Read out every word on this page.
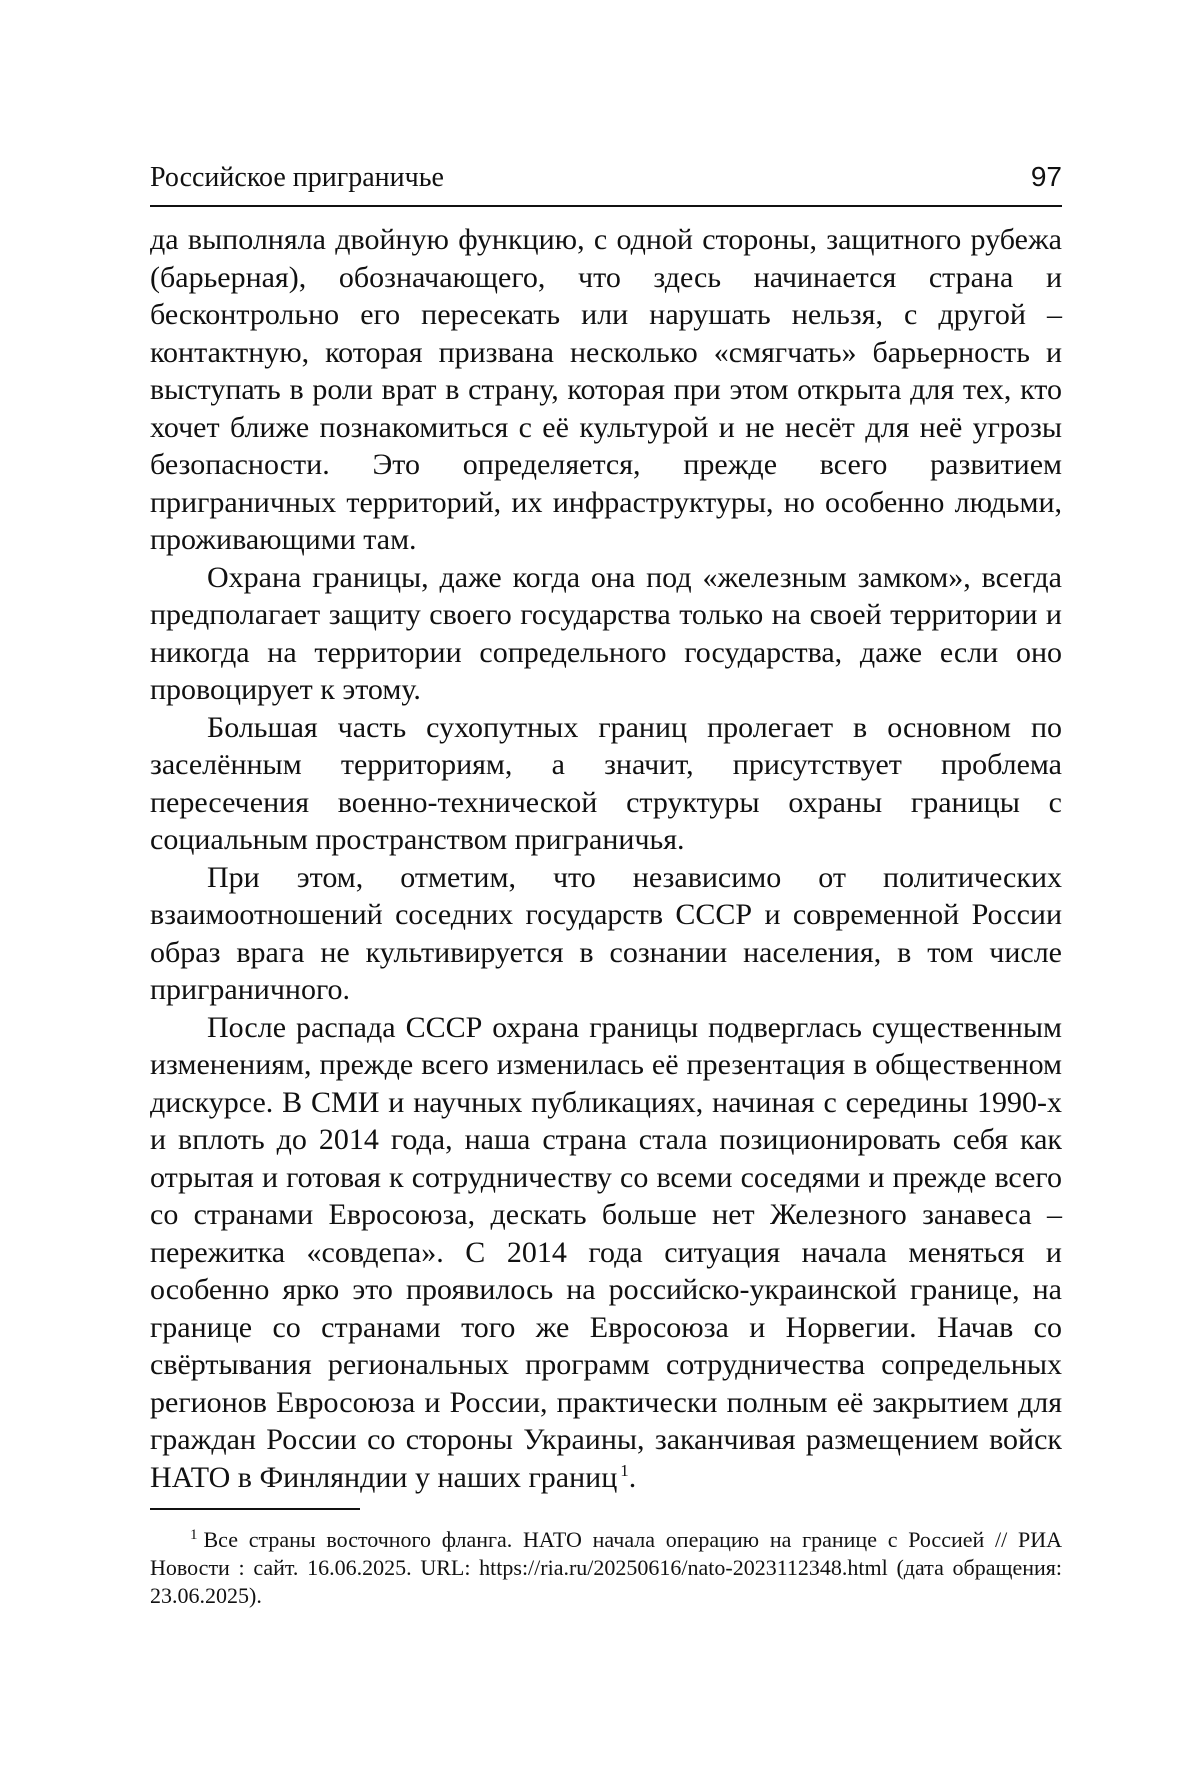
Российское приграничье	97

да выполняла двойную функцию, с одной стороны, защитного рубежа (барьерная), обозначающего, что здесь начинается страна и бесконтрольно его пересекать или нарушать нельзя, с другой – контактную, которая призвана несколько «смягчать» барьерность и выступать в роли врат в страну, которая при этом открыта для тех, кто хочет ближе познакомиться с её культурой и не несёт для неё угрозы безопасности. Это определяется, прежде всего развитием приграничных территорий, их инфраструктуры, но особенно людьми, проживающими там.

Охрана границы, даже когда она под «железным замком», всегда предполагает защиту своего государства только на своей территории и никогда на территории сопредельного государства, даже если оно провоцирует к этому.

Большая часть сухопутных границ пролегает в основном по заселённым территориям, а значит, присутствует проблема пересечения военно-технической структуры охраны границы с социальным пространством приграничья.

При этом, отметим, что независимо от политических взаимоотношений соседних государств СССР и современной России образ врага не культивируется в сознании населения, в том числе приграничного.

После распада СССР охрана границы подверглась существенным изменениям, прежде всего изменилась её презентация в общественном дискурсе. В СМИ и научных публикациях, начиная с середины 1990-х и вплоть до 2014 года, наша страна стала позиционировать себя как отрытая и готовая к сотрудничеству со всеми соседями и прежде всего со странами Евросоюза, дескать больше нет Железного занавеса – пережитка «совдепа». С 2014 года ситуация начала меняться и особенно ярко это проявилось на российско-украинской границе, на границе со странами того же Евросоюза и Норвегии. Начав со свёртывания региональных программ сотрудничества сопредельных регионов Евросоюза и России, практически полным её закрытием для граждан России со стороны Украины, заканчивая размещением войск НАТО в Финляндии у наших границ $^1$.

$^1$ Все страны восточного фланга. НАТО начала операцию на границе с Россией // РИА Новости : сайт. 16.06.2025. URL: https://ria.ru/20250616/nato-2023112348.html (дата обращения: 23.06.2025).
